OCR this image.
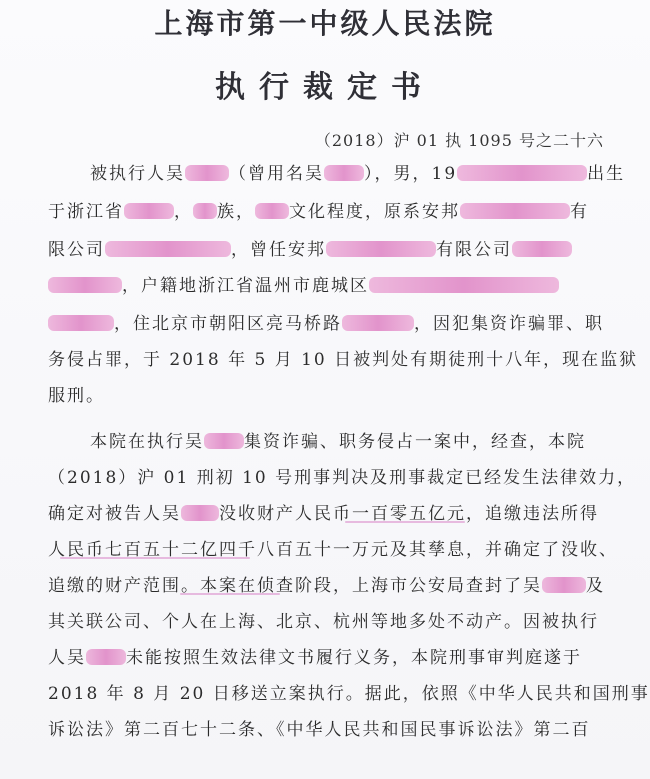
上海市第一中级人民法院
执行裁定书
（2018）沪 01 执 1095 号之二十六
被执行人吴	（曾用名吴 ），男，19	出生
于浙江省	， 族， 文化程度，原系安邦	有
限公司	，曾任安邦	有限公司
，户籍地浙江省温州市鹿城区
，住北京市朝阳区亮马桥路	，因犯集资诈骗罪、职
务侵占罪，于 2018 年 5 月 10 日被判处有期徒刑十八年，现在监狱
服刑。
本院在执行吴 集资诈骗、职务侵占一案中，经查，本院
（2018）沪 01 刑初 10 号刑事判决及刑事裁定已经发生法律效力，
确定对被告人吴 没收财产人民币一百零五亿元，追缴违法所得
人民币七百五十二亿四千八百五十一万元及其孳息，并确定了没收、
追缴的财产范围。本案在侦查阶段，上海市公安局查封了吴	及
其关联公司、个人在上海、北京、杭州等地多处不动产。因被执行
人吴 未能按照生效法律文书履行义务，本院刑事审判庭遂于
2018 年 8 月 20 日移送立案执行。据此，依照《中华人民共和国刑事
诉讼法》第二百七十二条、《中华人民共和国民事诉讼法》第二百
